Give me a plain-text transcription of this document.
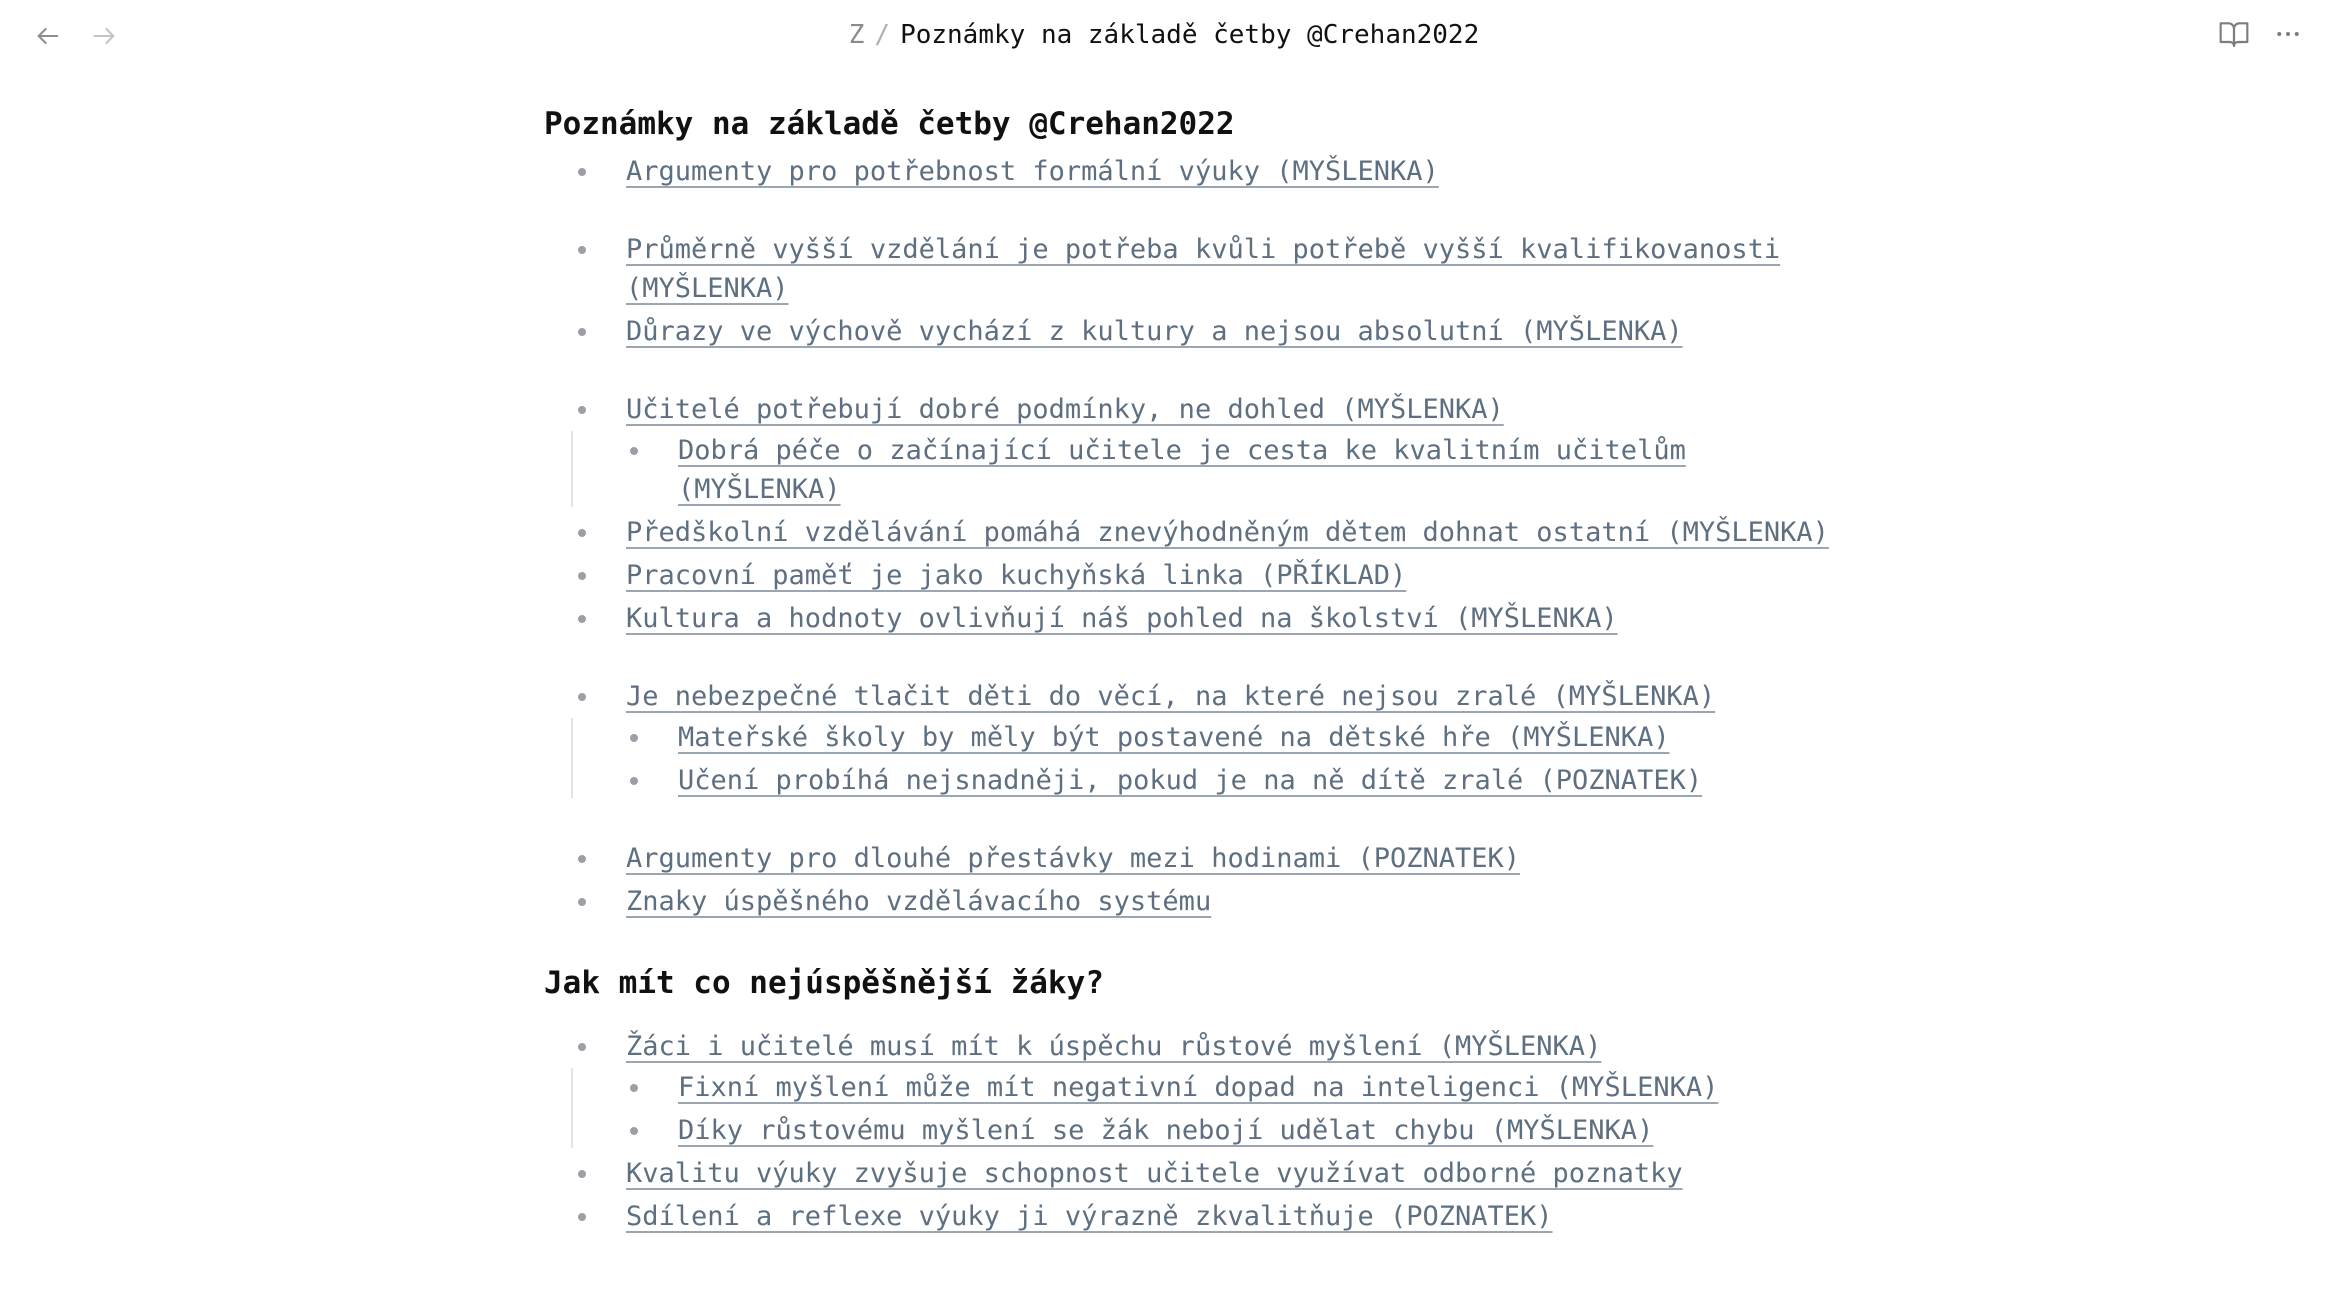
Z / Poznámky na základě četby @Crehan2022
Poznámky na základě četby @Crehan2022
Argumenty pro potřebnost formální výuky (MYŠLENKA)
Průměrně vyšší vzdělání je potřeba kvůli potřebě vyšší kvalifikovanosti (MYŠLENKA)
Důrazy ve výchově vychází z kultury a nejsou absolutní (MYŠLENKA)
Učitelé potřebují dobré podmínky, ne dohled (MYŠLENKA)
Dobrá péče o začínající učitele je cesta ke kvalitním učitelům (MYŠLENKA)
Předškolní vzdělávání pomáhá znevýhodněným dětem dohnat ostatní (MYŠLENKA)
Pracovní paměť je jako kuchyňská linka (PŘÍKLAD)
Kultura a hodnoty ovlivňují náš pohled na školství (MYŠLENKA)
Je nebezpečné tlačit děti do věcí, na které nejsou zralé (MYŠLENKA)
Mateřské školy by měly být postavené na dětské hře (MYŠLENKA)
Učení probíhá nejsnadněji, pokud je na ně dítě zralé (POZNATEK)
Argumenty pro dlouhé přestávky mezi hodinami (POZNATEK)
Znaky úspěšného vzdělávacího systému
Jak mít co nejúspěšnější žáky?
Žáci i učitelé musí mít k úspěchu růstové myšlení (MYŠLENKA)
Fixní myšlení může mít negativní dopad na inteligenci (MYŠLENKA)
Díky růstovému myšlení se žák nebojí udělat chybu (MYŠLENKA)
Kvalitu výuky zvyšuje schopnost učitele využívat odborné poznatky
Sdílení a reflexe výuky ji výrazně zkvalitňuje (POZNATEK)
